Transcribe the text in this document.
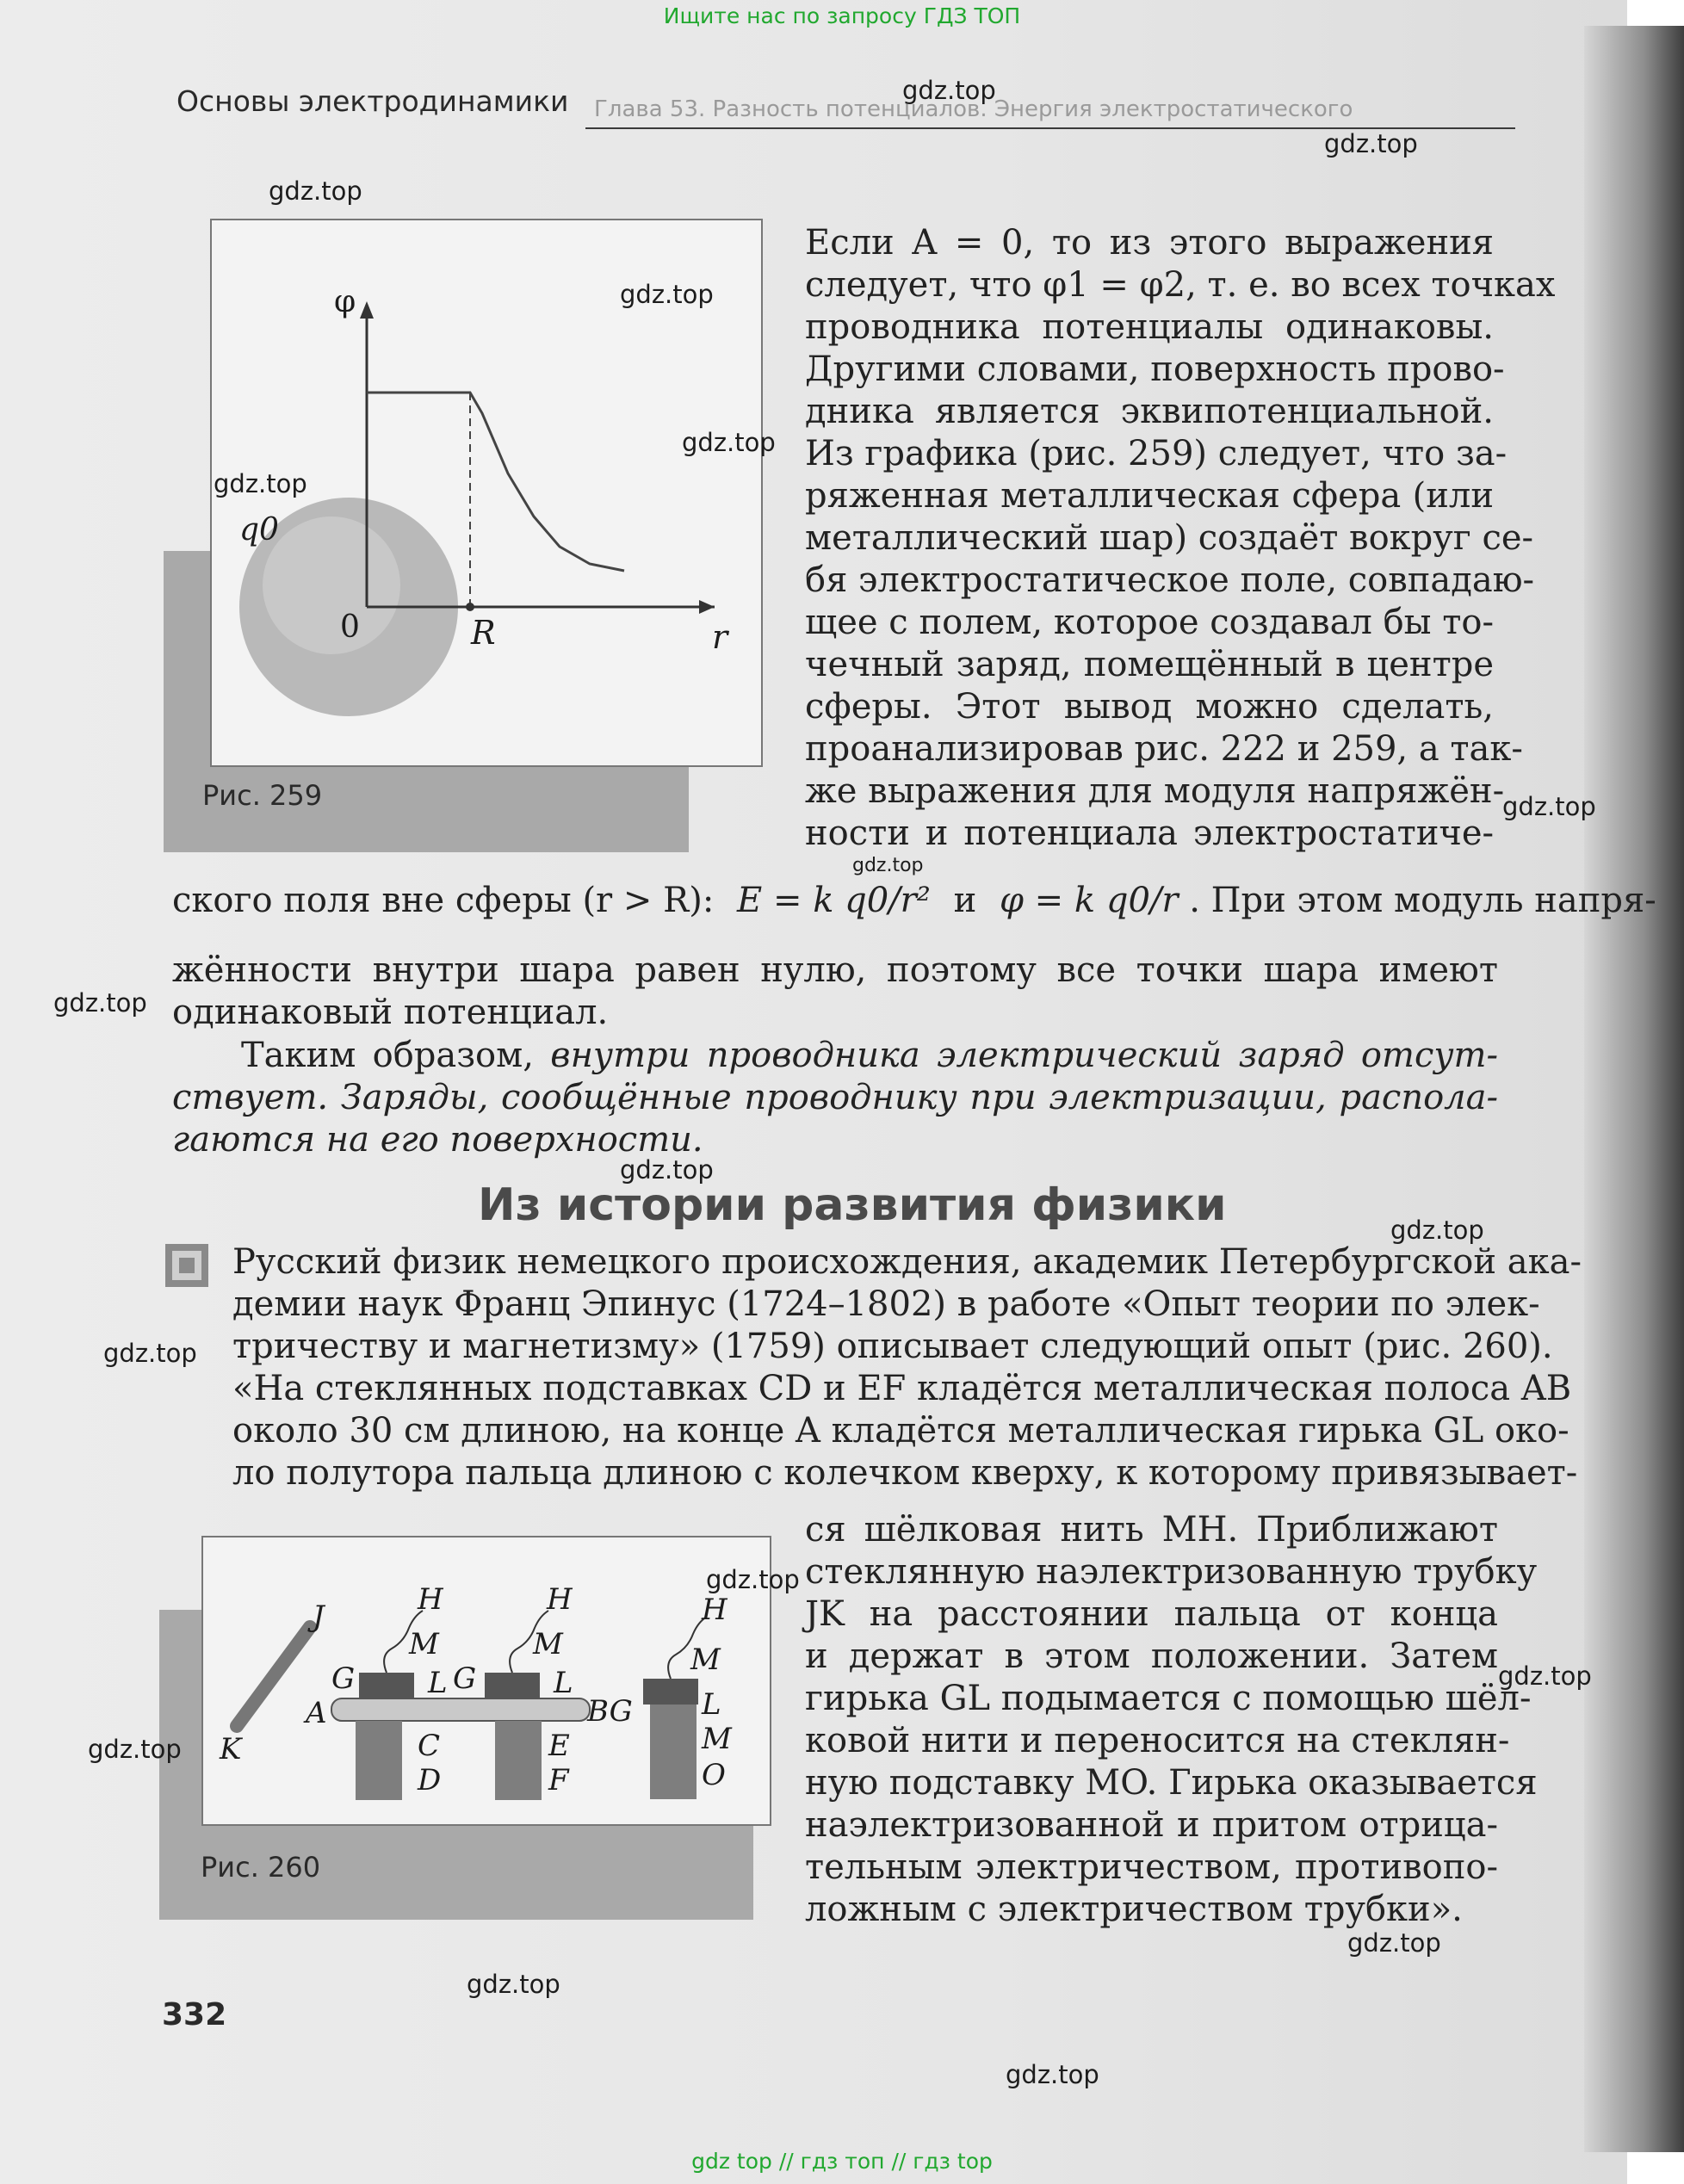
Ищите нас по запросу ГДЗ ТОП
Основы электродинамики Глава 53. Разность потенциалов. Энергия электростатического
φ
q0
0	R	r
Рис. 259
Если A = 0, то из этого выражения
следует, что φ1 = φ2, т. е. во всех точках
проводника потенциалы одинаковы.
Другими словами, поверхность прово-
дника является эквипотенциальной.
Из графика (рис. 259) следует, что за-
ряженная металлическая сфера (или
металлический шар) создаёт вокруг се-
бя электростатическое поле, совпадаю-
щее с полем, которое создавал бы то-
чечный заряд, помещённый в центре
сферы. Этот вывод можно сделать,
проанализировав рис. 222 и 259, а так-
же выражения для модуля напряжён-
ности и потенциала электростатиче-
ского поля вне сферы (r > R): E = k q0/r² и φ = k q0/r . При этом модуль напря-
жённости внутри шара равен нулю, поэтому все точки шара имеют
одинаковый потенциал.
Таким образом, внутри проводника электрический заряд отсут-
ствует. Заряды, сообщённые проводнику при электризации, распола-
гаются на его поверхности.
Из истории развития физики
Русский физик немецкого происхождения, академик Петербургской ака-
демии наук Франц Эпинус (1724–1802) в работе «Опыт теории по элек-
тричеству и магнетизму» (1759) описывает следующий опыт (рис. 260).
«На стеклянных подставках CD и EF кладётся металлическая полоса AB
около 30 см длиною, на конце A кладётся металлическая гирька GL око-
ло полутора пальца длиною с колечком кверху, к которому привязывает-
J	H	H	H
M	M	M
G L G	L
BG L
A
C
D
E
F
M
O
K
Рис. 260
ся шёлковая нить MH. Приближают
стеклянную наэлектризованную трубку
JK на расстоянии пальца от конца
и держат в этом положении. Затем
гирька GL подымается с помощью шёл-
ковой нити и переносится на стеклян-
ную подставку MO. Гирька оказывается
наэлектризованной и притом отрица-
тельным электричеством, противопо-
ложным с электричеством трубки».
332
gdz.top
gdz.top
gdz.top
gdz.top
gdz.top
gdz.top
gdz.top
gdz.top
gdz.top
gdz.top
gdz.top
gdz.top
gdz.top
gdz.top
gdz.top
gdz.top
gdz.top
gdz.top
gdz top // гдз топ // гдз top
